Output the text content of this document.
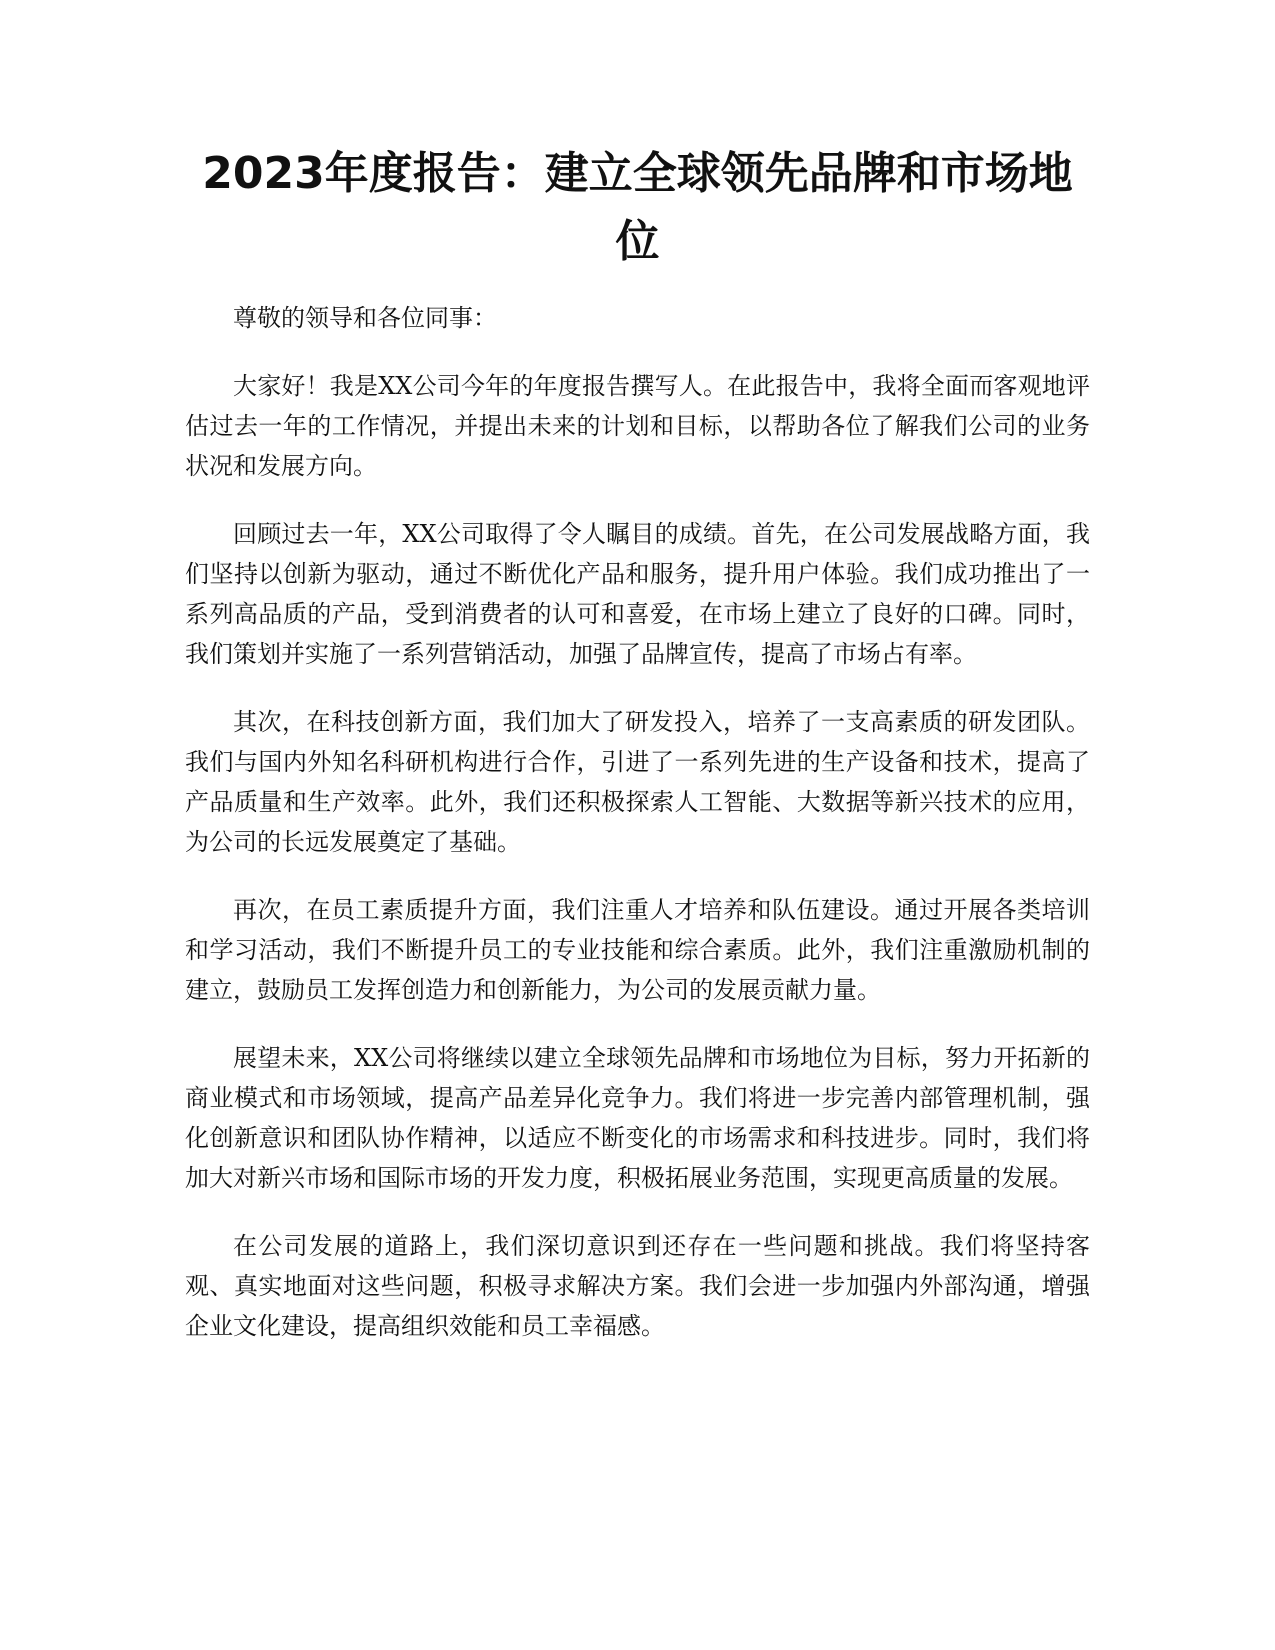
2023年度报告：建立全球领先品牌和市场地位

尊敬的领导和各位同事：

大家好！我是XX公司今年的年度报告撰写人。在此报告中，我将全面而客观地评估过去一年的工作情况，并提出未来的计划和目标，以帮助各位了解我们公司的业务状况和发展方向。

回顾过去一年，XX公司取得了令人瞩目的成绩。首先，在公司发展战略方面，我们坚持以创新为驱动，通过不断优化产品和服务，提升用户体验。我们成功推出了一系列高品质的产品，受到消费者的认可和喜爱，在市场上建立了良好的口碑。同时，我们策划并实施了一系列营销活动，加强了品牌宣传，提高了市场占有率。

其次，在科技创新方面，我们加大了研发投入，培养了一支高素质的研发团队。我们与国内外知名科研机构进行合作，引进了一系列先进的生产设备和技术，提高了产品质量和生产效率。此外，我们还积极探索人工智能、大数据等新兴技术的应用，为公司的长远发展奠定了基础。

再次，在员工素质提升方面，我们注重人才培养和队伍建设。通过开展各类培训和学习活动，我们不断提升员工的专业技能和综合素质。此外，我们注重激励机制的建立，鼓励员工发挥创造力和创新能力，为公司的发展贡献力量。

展望未来，XX公司将继续以建立全球领先品牌和市场地位为目标，努力开拓新的商业模式和市场领域，提高产品差异化竞争力。我们将进一步完善内部管理机制，强化创新意识和团队协作精神，以适应不断变化的市场需求和科技进步。同时，我们将加大对新兴市场和国际市场的开发力度，积极拓展业务范围，实现更高质量的发展。

在公司发展的道路上，我们深切意识到还存在一些问题和挑战。我们将坚持客观、真实地面对这些问题，积极寻求解决方案。我们会进一步加强内外部沟通，增强企业文化建设，提高组织效能和员工幸福感。
